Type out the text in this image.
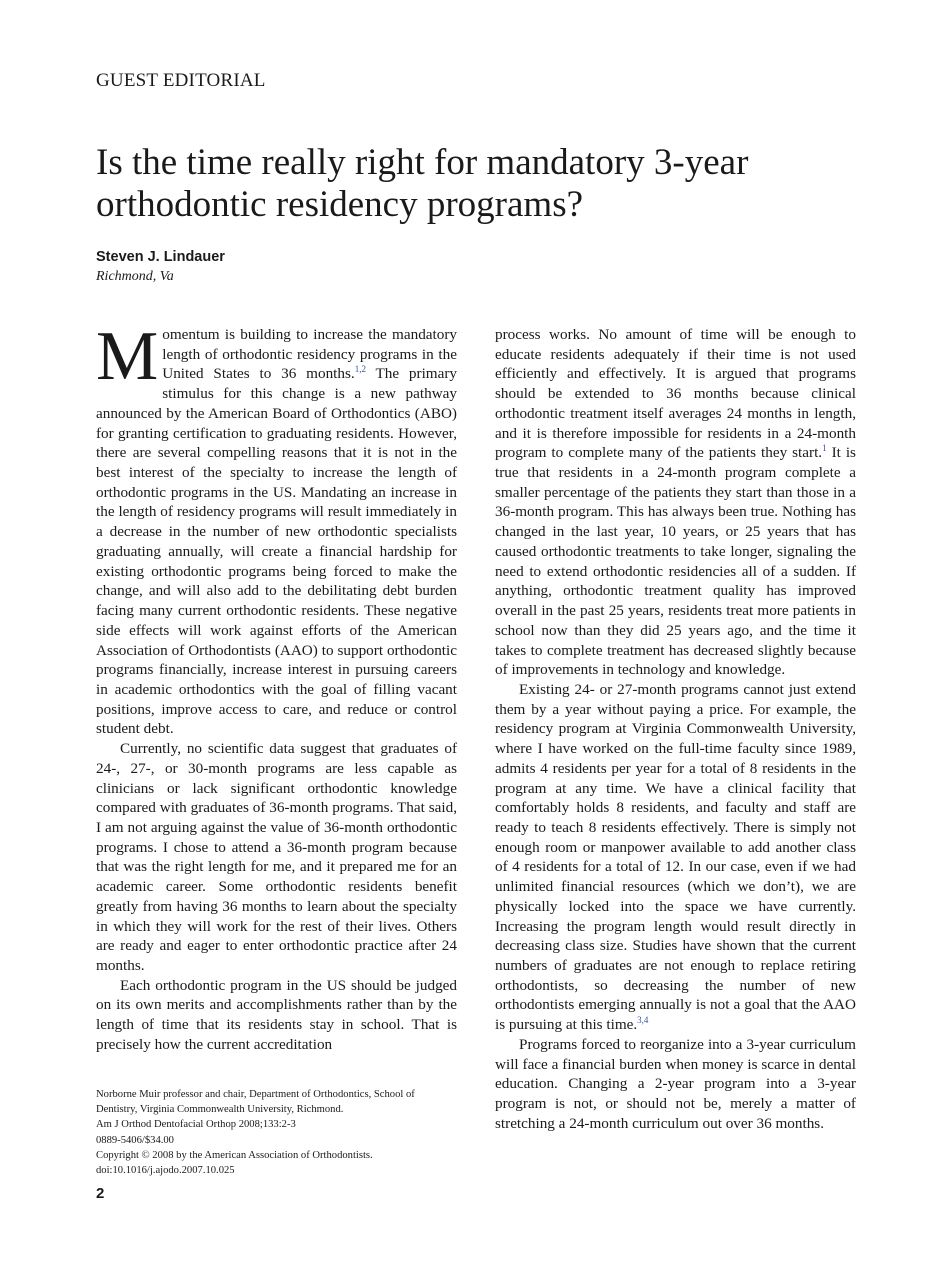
GUEST EDITORIAL
Is the time really right for mandatory 3-year
orthodontic residency programs?
Steven J. Lindauer
Richmond, Va

Momentum is building to increase the mandatory length of orthodontic residency programs in the United States to 36 months.$^{1,2}$ The primary stimulus for this change is a new pathway announced by the American Board of Orthodontics (ABO) for granting certification to graduating residents. However, there are several compelling reasons that it is not in the best interest of the specialty to increase the length of orthodontic programs in the US. Mandating an increase in the length of residency programs will result immediately in a decrease in the number of new orthodontic specialists graduating annually, will create a financial hardship for existing orthodontic programs being forced to make the change, and will also add to the debilitating debt burden facing many current orthodontic residents. These negative side effects will work against efforts of the American Association of Orthodontists (AAO) to support orthodontic programs financially, increase interest in pursuing careers in academic orthodontics with the goal of filling vacant positions, improve access to care, and reduce or control student debt.

Currently, no scientific data suggest that graduates of 24-, 27-, or 30-month programs are less capable as clinicians or lack significant orthodontic knowledge compared with graduates of 36-month programs. That said, I am not arguing against the value of 36-month orthodontic programs. I chose to attend a 36-month program because that was the right length for me, and it prepared me for an academic career. Some orthodontic residents benefit greatly from having 36 months to learn about the specialty in which they will work for the rest of their lives. Others are ready and eager to enter orthodontic practice after 24 months.

Each orthodontic program in the US should be judged on its own merits and accomplishments rather than by the length of time that its residents stay in school. That is precisely how the current accreditation

process works. No amount of time will be enough to educate residents adequately if their time is not used efficiently and effectively. It is argued that programs should be extended to 36 months because clinical orthodontic treatment itself averages 24 months in length, and it is therefore impossible for residents in a 24-month program to complete many of the patients they start.$^1$ It is true that residents in a 24-month program complete a smaller percentage of the patients they start than those in a 36-month program. This has always been true. Nothing has changed in the last year, 10 years, or 25 years that has caused orthodontic treatments to take longer, signaling the need to extend orthodontic residencies all of a sudden. If anything, orthodontic treatment quality has improved overall in the past 25 years, residents treat more patients in school now than they did 25 years ago, and the time it takes to complete treatment has decreased slightly because of improvements in technology and knowledge.

Existing 24- or 27-month programs cannot just extend them by a year without paying a price. For example, the residency program at Virginia Commonwealth University, where I have worked on the full-time faculty since 1989, admits 4 residents per year for a total of 8 residents in the program at any time. We have a clinical facility that comfortably holds 8 residents, and faculty and staff are ready to teach 8 residents effectively. There is simply not enough room or manpower available to add another class of 4 residents for a total of 12. In our case, even if we had unlimited financial resources (which we don’t), we are physically locked into the space we have currently. Increasing the program length would result directly in decreasing class size. Studies have shown that the current numbers of graduates are not enough to replace retiring orthodontists, so decreasing the number of new orthodontists emerging annually is not a goal that the AAO is pursuing at this time.$^{3,4}$

Programs forced to reorganize into a 3-year curriculum will face a financial burden when money is scarce in dental education. Changing a 2-year program into a 3-year program is not, or should not be, merely a matter of stretching a 24-month curriculum out over 36 months.

Norborne Muir professor and chair, Department of Orthodontics, School of
Dentistry, Virginia Commonwealth University, Richmond.
Am J Orthod Dentofacial Orthop 2008;133:2-3
0889-5406/$34.00
Copyright © 2008 by the American Association of Orthodontists.
doi:10.1016/j.ajodo.2007.10.025
2
